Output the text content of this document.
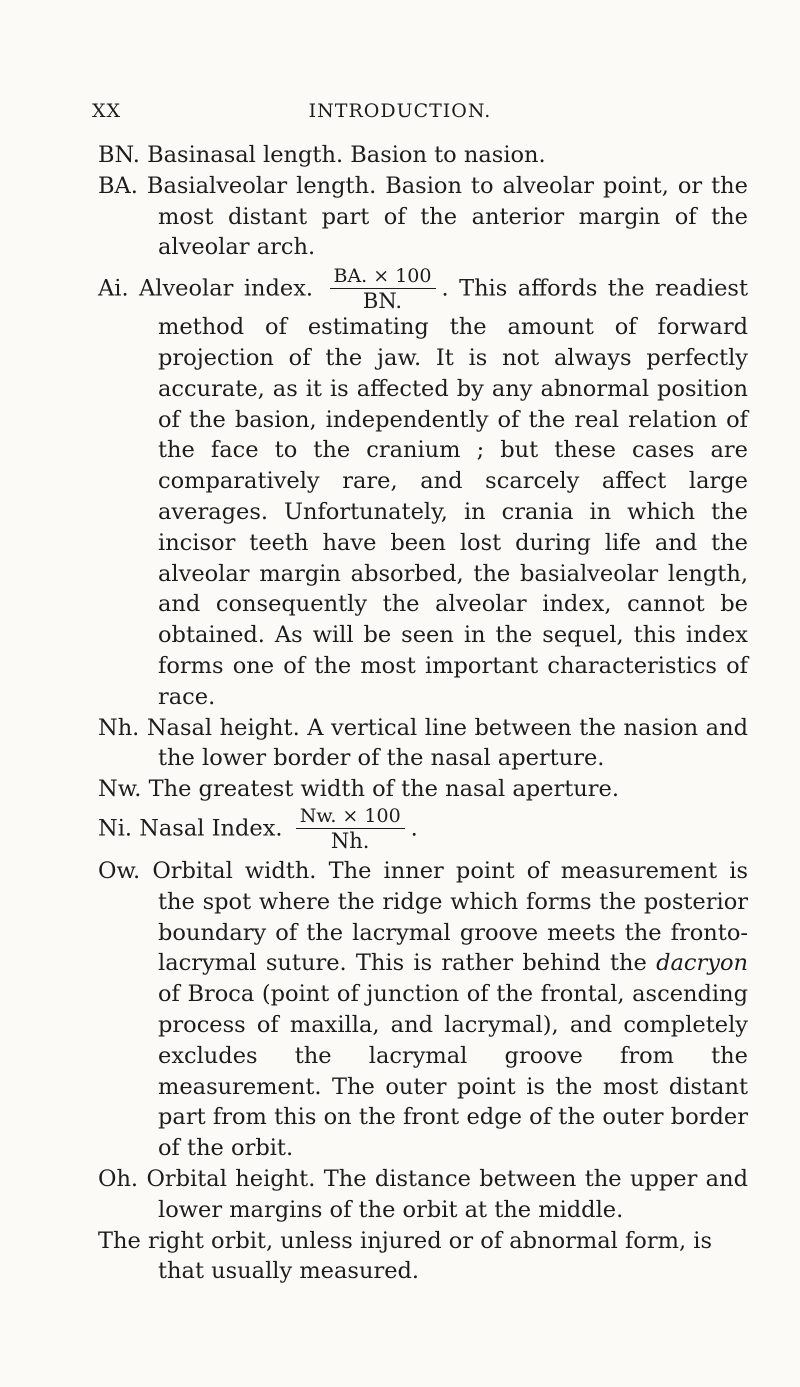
XX	INTRODUCTION.

BN. Basinasal length. Basion to nasion.

BA. Basialveolar length. Basion to alveolar point, or the most distant part of the anterior margin of the alveolar arch.

Ai. Alveolar index. $\frac{BA. \times 100}{BN.}$ . This affords the readiest method of estimating the amount of forward projection of the jaw. It is not always perfectly accurate, as it is affected by any abnormal position of the basion, independently of the real relation of the face to the cranium ; but these cases are comparatively rare, and scarcely affect large averages. Unfortunately, in crania in which the incisor teeth have been lost during life and the alveolar margin absorbed, the basialveolar length, and consequently the alveolar index, cannot be obtained. As will be seen in the sequel, this index forms one of the most important characteristics of race.

Nh. Nasal height. A vertical line between the nasion and the lower border of the nasal aperture.

Nw. The greatest width of the nasal aperture.

Ni. Nasal Index. $\frac{Nw. \times 100}{Nh.}$ .

Ow. Orbital width. The inner point of measurement is the spot where the ridge which forms the posterior boundary of the lacrymal groove meets the fronto-lacrymal suture. This is rather behind the dacryon of Broca (point of junction of the frontal, ascending process of maxilla, and lacrymal), and completely excludes the lacrymal groove from the measurement. The outer point is the most distant part from this on the front edge of the outer border of the orbit.

Oh. Orbital height. The distance between the upper and lower margins of the orbit at the middle.

The right orbit, unless injured or of abnormal form, is that usually measured.
